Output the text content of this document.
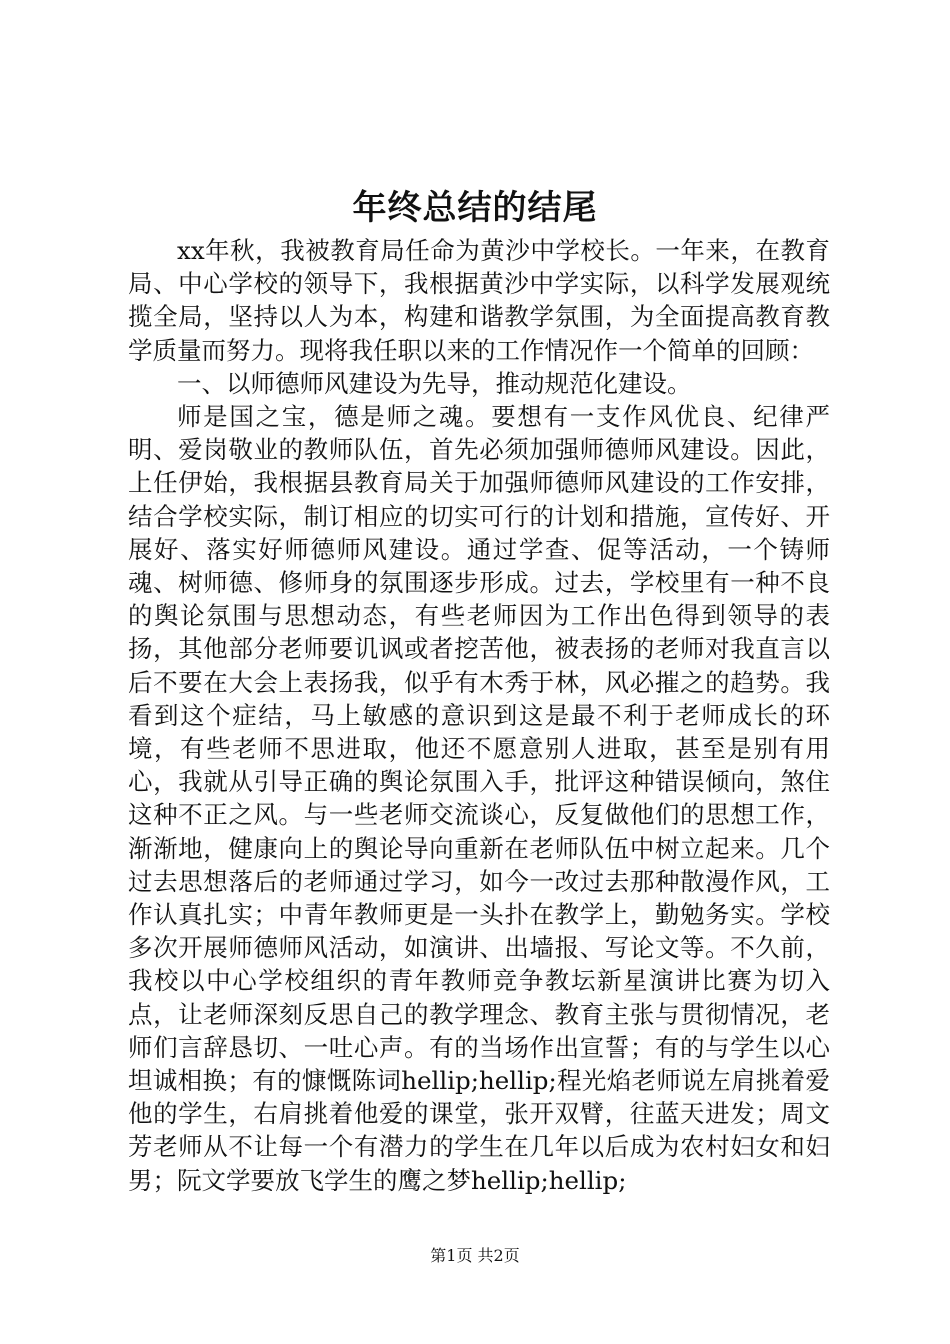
年终总结的结尾

xx年秋，我被教育局任命为黄沙中学校长。一年来，在教育局、中心学校的领导下，我根据黄沙中学实际，以科学发展观统揽全局，坚持以人为本，构建和谐教学氛围，为全面提高教育教学质量而努力。现将我任职以来的工作情况作一个简单的回顾：

一、以师德师风建设为先导，推动规范化建设。

师是国之宝，德是师之魂。要想有一支作风优良、纪律严明、爱岗敬业的教师队伍，首先必须加强师德师风建设。因此，上任伊始，我根据县教育局关于加强师德师风建设的工作安排，结合学校实际，制订相应的切实可行的计划和措施，宣传好、开展好、落实好师德师风建设。通过学查、促等活动，一个铸师魂、树师德、修师身的氛围逐步形成。过去，学校里有一种不良的舆论氛围与思想动态，有些老师因为工作出色得到领导的表扬，其他部分老师要讥讽或者挖苦他，被表扬的老师对我直言以后不要在大会上表扬我，似乎有木秀于林，风必摧之的趋势。我看到这个症结，马上敏感的意识到这是最不利于老师成长的环境，有些老师不思进取，他还不愿意别人进取，甚至是别有用心，我就从引导正确的舆论氛围入手，批评这种错误倾向，煞住这种不正之风。与一些老师交流谈心，反复做他们的思想工作，渐渐地，健康向上的舆论导向重新在老师队伍中树立起来。几个过去思想落后的老师通过学习，如今一改过去那种散漫作风，工作认真扎实；中青年教师更是一头扑在教学上，勤勉务实。学校多次开展师德师风活动，如演讲、出墙报、写论文等。不久前，我校以中心学校组织的青年教师竞争教坛新星演讲比赛为切入点，让老师深刻反思自己的教学理念、教育主张与贯彻情况，老师们言辞恳切、一吐心声。有的当场作出宣誓；有的与学生以心坦诚相换；有的慷慨陈词hellip;hellip;程光焰老师说左肩挑着爱他的学生，右肩挑着他爱的课堂，张开双臂，往蓝天进发；周文芳老师从不让每一个有潜力的学生在几年以后成为农村妇女和妇男；阮文学要放飞学生的鹰之梦hellip;hellip;

第1页 共2页
